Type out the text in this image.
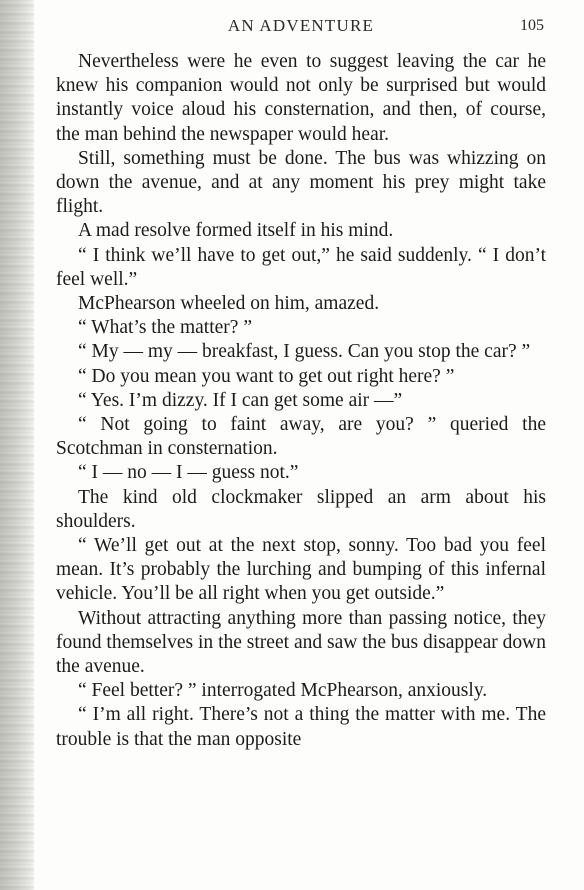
AN ADVENTURE	105

Nevertheless were he even to suggest leaving the car he knew his companion would not only be surprised but would instantly voice aloud his consternation, and then, of course, the man behind the newspaper would hear.

Still, something must be done. The bus was whizzing on down the avenue, and at any moment his prey might take flight.

A mad resolve formed itself in his mind.

“ I think we’ll have to get out,” he said suddenly. “ I don’t feel well.”

McPhearson wheeled on him, amazed.

“ What’s the matter? ”

“ My — my — breakfast, I guess. Can you stop the car? ”

“ Do you mean you want to get out right here? ”

“ Yes. I’m dizzy. If I can get some air —”

“ Not going to faint away, are you? ” queried the Scotchman in consternation.

“ I — no — I — guess not.”

The kind old clockmaker slipped an arm about his shoulders.

“ We’ll get out at the next stop, sonny. Too bad you feel mean. It’s probably the lurching and bumping of this infernal vehicle. You’ll be all right when you get outside.”

Without attracting anything more than passing notice, they found themselves in the street and saw the bus disappear down the avenue.

“ Feel better? ” interrogated McPhearson, anxiously.

“ I’m all right. There’s not a thing the matter with me. The trouble is that the man opposite
